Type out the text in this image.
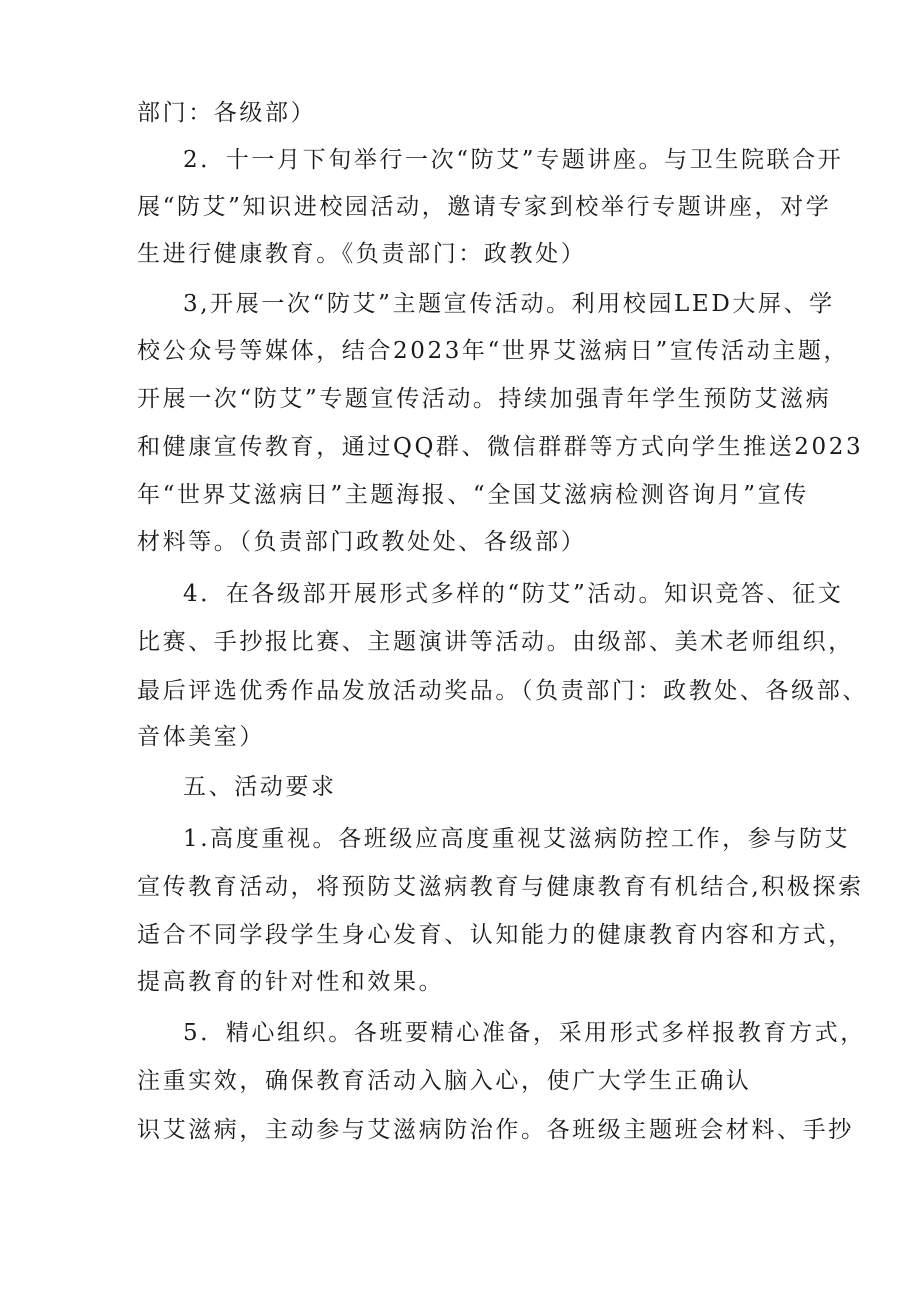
部门：各级部）
2．十一月下旬举行一次“防艾”专题讲座。与卫生院联合开
展“防艾”知识进校园活动，邀请专家到校举行专题讲座，对学
生进行健康教育。《负责部门：政教处）
3,开展一次“防艾”主题宣传活动。利用校园LED大屏、学
校公众号等媒体，结合2023年“世界艾滋病日”宣传活动主题，
开展一次“防艾”专题宣传活动。持续加强青年学生预防艾滋病
和健康宣传教育，通过QQ群、微信群群等方式向学生推送2023
年“世界艾滋病日”主题海报、“全国艾滋病检测咨询月”宣传
材料等。（负责部门政教处处、各级部）
4．在各级部开展形式多样的“防艾”活动。知识竞答、征文
比赛、手抄报比赛、主题演讲等活动。由级部、美术老师组织，
最后评选优秀作品发放活动奖品。（负责部门：政教处、各级部、
音体美室）
五、活动要求
1.高度重视。各班级应高度重视艾滋病防控工作，参与防艾
宣传教育活动，将预防艾滋病教育与健康教育有机结合,积极探索
适合不同学段学生身心发育、认知能力的健康教育内容和方式，
提高教育的针对性和效果。
5．精心组织。各班要精心准备，采用形式多样报教育方式，
注重实效，确保教育活动入脑入心，使广大学生正确认
识艾滋病，主动参与艾滋病防治作。各班级主题班会材料、手抄
